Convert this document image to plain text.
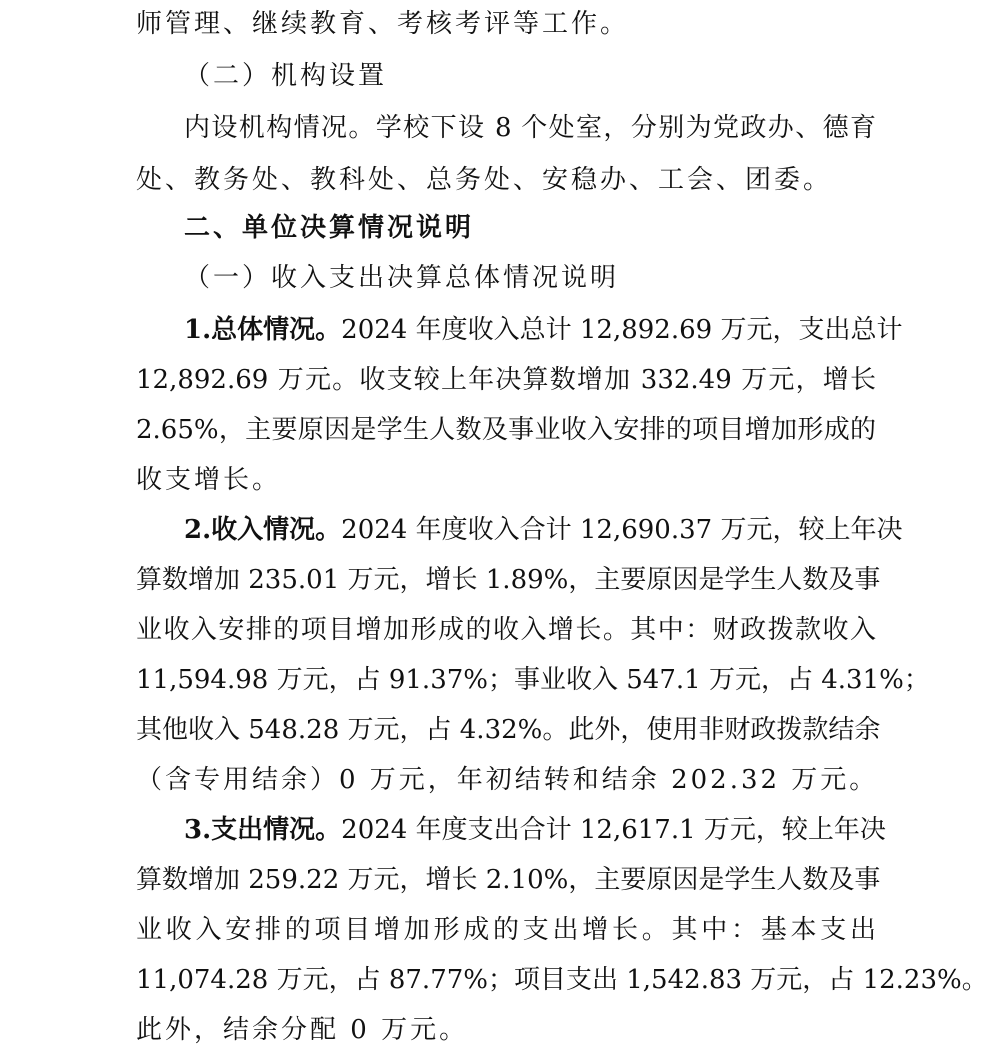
师管理、继续教育、考核考评等工作。
（二）机构设置
内设机构情况。学校下设 8 个处室，分别为党政办、德育
处、教务处、教科处、总务处、安稳办、工会、团委。
二、单位决算情况说明
（一）收入支出决算总体情况说明
1.总体情况。2024 年度收入总计 12,892.69 万元，支出总计
12,892.69 万元。收支较上年决算数增加 332.49 万元，增长
2.65%，主要原因是学生人数及事业收入安排的项目增加形成的
收支增长。
2.收入情况。2024 年度收入合计 12,690.37 万元，较上年决
算数增加 235.01 万元，增长 1.89%，主要原因是学生人数及事
业收入安排的项目增加形成的收入增长。其中：财政拨款收入
11,594.98 万元，占 91.37%；事业收入 547.1 万元，占 4.31%；
其他收入 548.28 万元，占 4.32%。此外，使用非财政拨款结余
（含专用结余）0 万元，年初结转和结余 202.32 万元。
3.支出情况。2024 年度支出合计 12,617.1 万元，较上年决
算数增加 259.22 万元，增长 2.10%，主要原因是学生人数及事
业收入安排的项目增加形成的支出增长。其中：基本支出
11,074.28 万元，占 87.77%；项目支出 1,542.83 万元，占 12.23%。
此外，结余分配 0 万元。
